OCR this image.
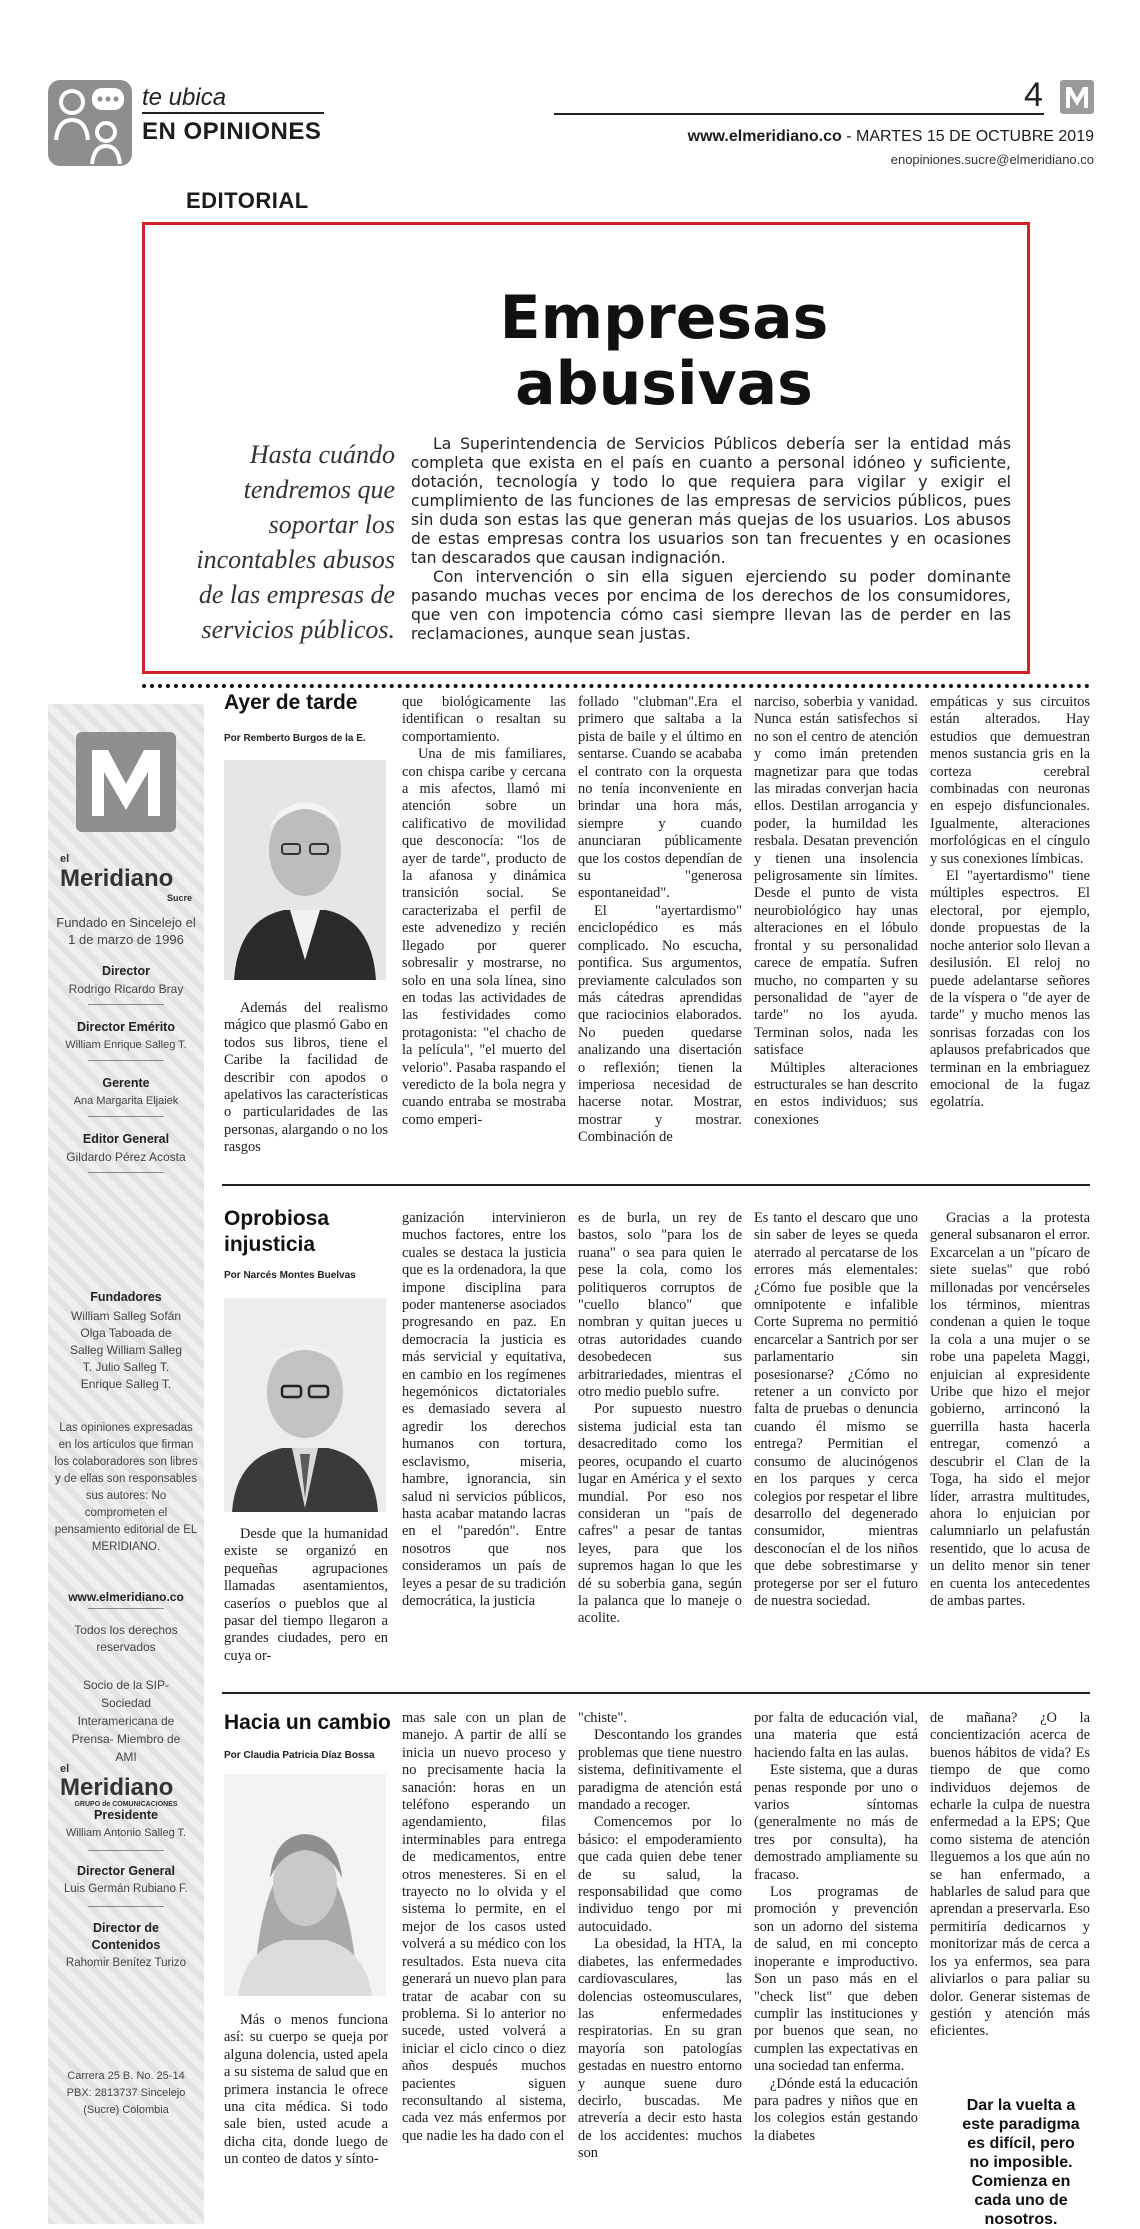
te ubica
EN OPINIONES
4
www.elmeridiano.co - MARTES 15 DE OCTUBRE 2019
enopiniones.sucre@elmeridiano.co
EDITORIAL
Empresas
abusivas
Hasta cuándo tendremos que soportar los incontables abusos de las empresas de servicios públicos.

La Superintendencia de Servicios Públicos debería ser la entidad más completa que exista en el país en cuanto a personal idóneo y suficiente, dotación, tecnología y todo lo que requiera para vigilar y exigir el cumplimiento de las funciones de las empresas de servicios públicos, pues sin duda son estas las que generan más quejas de los usuarios. Los abusos de estas empresas contra los usuarios son tan frecuentes y en ocasiones tan descarados que causan indignación.

Con intervención o sin ella siguen ejerciendo su poder dominante pasando muchas veces por encima de los derechos de los consumidores, que ven con impotencia cómo casi siempre llevan las de perder en las reclamaciones, aunque sean justas.

el
Meridiano
Sucre
Fundado en Sincelejo el 1 de marzo de 1996
Director
Rodrigo Ricardo Bray
Director Emérito
William Enrique Salleg T.
Gerente
Ana Margarita Eljaiek
Editor General
Gildardo Pérez Acosta
Fundadores
William Salleg Sofán Olga Taboada de Salleg William Salleg T. Julio Salleg T. Enrique Salleg T.
Las opiniones expresadas en los artículos que firman los colaboradores son libres y de ellas son responsables sus autores: No comprometen el pensamiento editorial de EL MERIDIANO.
www.elmeridiano.co
Todos los derechos reservados
Socio de la SIP- Sociedad Interamericana de Prensa- Miembro de AMI
el
Meridiano
GRUPO de COMUNICACIONES
Presidente
William Antonio Salleg T.
Director General
Luis Germán Rubiano F.
Director de Contenidos
Rahomir Benítez Turizo
Carrera 25 B. No. 25-14 PBX: 2813737 Sincelejo (Sucre) Colombia
Ayer de tarde
Por Remberto Burgos de la E.

Además del realismo mágico que plasmó Gabo en todos sus libros, tiene el Caribe la facilidad de describir con apodos o apelativos las características o particularidades de las personas, alargando o no los rasgos

que biológicamente las identifican o resaltan su comportamiento.

Una de mis familiares, con chispa caribe y cercana a mis afectos, llamó mi atención sobre un calificativo de movilidad que desconocía: "los de ayer de tarde", producto de la afanosa y dinámica transición social. Se caracterizaba el perfil de este advenedizo y recién llegado por querer sobresalir y mostrarse, no solo en una sola línea, sino en todas las actividades de las festividades como protagonista: "el chacho de la película", "el muerto del velorio". Pasaba raspando el veredicto de la bola negra y cuando entraba se mostraba como emperi-

follado "clubman".Era el primero que saltaba a la pista de baile y el último en sentarse. Cuando se acababa el contrato con la orquesta no tenía inconveniente en brindar una hora más, siempre y cuando anunciaran públicamente que los costos dependían de su "generosa espontaneidad".

El "ayertardismo" enciclopédico es más complicado. No escucha, pontifica. Sus argumentos, previamente calculados son más cátedras aprendidas que raciocinios elaborados. No pueden quedarse analizando una disertación o reflexión; tienen la imperiosa necesidad de hacerse notar. Mostrar, mostrar y mostrar. Combinación de

narciso, soberbia y vanidad. Nunca están satisfechos si no son el centro de atención y como imán pretenden magnetizar para que todas las miradas converjan hacia ellos. Destilan arrogancia y poder, la humildad les resbala. Desatan prevención y tienen una insolencia peligrosamente sin límites. Desde el punto de vista neurobiológico hay unas alteraciones en el lóbulo frontal y su personalidad carece de empatía. Sufren mucho, no comparten y su personalidad de "ayer de tarde" no los ayuda. Terminan solos, nada les satisface

Múltiples alteraciones estructurales se han descrito en estos individuos; sus conexiones

empáticas y sus circuitos están alterados. Hay estudios que demuestran menos sustancia gris en la corteza cerebral combinadas con neuronas en espejo disfuncionales. Igualmente, alteraciones morfológicas en el cíngulo y sus conexiones límbicas.

El "ayertardismo" tiene múltiples espectros. El electoral, por ejemplo, donde propuestas de la noche anterior solo llevan a desilusión. El reloj no puede adelantarse señores de la víspera o "de ayer de tarde" y mucho menos las sonrisas forzadas con los aplausos prefabricados que terminan en la embriaguez emocional de la fugaz egolatría.

Oprobiosa injusticia
Por Narcés Montes Buelvas

Desde que la humanidad existe se organizó en pequeñas agrupaciones llamadas asentamientos, caseríos o pueblos que al pasar del tiempo llegaron a grandes ciudades, pero en cuya or-

ganización intervinieron muchos factores, entre los cuales se destaca la justicia que es la ordenadora, la que impone disciplina para poder mantenerse asociados progresando en paz. En democracia la justicia es más servicial y equitativa, en cambio en los regímenes hegemónicos dictatoriales es demasiado severa al agredir los derechos humanos con tortura, esclavismo, miseria, hambre, ignorancia, sin salud ni servicios públicos, hasta acabar matando lacras en el "paredón". Entre nosotros que nos consideramos un país de leyes a pesar de su tradición democrática, la justicia

es de burla, un rey de bastos, solo "para los de ruana" o sea para quien le pese la cola, como los politiqueros corruptos de "cuello blanco" que nombran y quitan jueces u otras autoridades cuando desobedecen sus arbitrariedades, mientras el otro medio pueblo sufre.

Por supuesto nuestro sistema judicial esta tan desacreditado como los peores, ocupando el cuarto lugar en América y el sexto mundial. Por eso nos consideran un "país de cafres" a pesar de tantas leyes, para que los supremos hagan lo que les dé su soberbia gana, según la palanca que lo maneje o acolite.

Es tanto el descaro que uno sin saber de leyes se queda aterrado al percatarse de los errores más elementales: ¿Cómo fue posible que la omnipotente e infalible Corte Suprema no permitió encarcelar a Santrich por ser parlamentario sin posesionarse? ¿Cómo no retener a un convicto por falta de pruebas o denuncia cuando él mismo se entrega? Permitian el consumo de alucinógenos en los parques y cerca colegios por respetar el libre desarrollo del degenerado consumidor, mientras desconocían el de los niños que debe sobrestimarse y protegerse por ser el futuro de nuestra sociedad.

Gracias a la protesta general subsanaron el error. Excarcelan a un "pícaro de siete suelas" que robó millonadas por vencérseles los términos, mientras condenan a quien le toque la cola a una mujer o se robe una papeleta Maggi, enjuician al expresidente Uribe que hizo el mejor gobierno, arrinconó la guerrilla hasta hacerla entregar, comenzó a descubrir el Clan de la Toga, ha sido el mejor líder, arrastra multitudes, ahora lo enjuician por calumniarlo un pelafustán resentido, que lo acusa de un delito menor sin tener en cuenta los antecedentes de ambas partes.

Hacia un cambio
Por Claudia Patricia Díaz Bossa

Más o menos funciona así: su cuerpo se queja por alguna dolencia, usted apela a su sistema de salud que en primera instancia le ofrece una cita médica. Si todo sale bien, usted acude a dicha cita, donde luego de un conteo de datos y sínto-

mas sale con un plan de manejo. A partir de allí se inicia un nuevo proceso y no precisamente hacia la sanación: horas en un teléfono esperando un agendamiento, filas interminables para entrega de medicamentos, entre otros menesteres. Si en el trayecto no lo olvida y el sistema lo permite, en el mejor de los casos usted volverá a su médico con los resultados. Esta nueva cita generará un nuevo plan para tratar de acabar con su problema. Si lo anterior no sucede, usted volverá a iniciar el ciclo cinco o diez años después muchos pacientes siguen reconsultando al sistema, cada vez más enfermos por que nadie les ha dado con el

"chiste".

Descontando los grandes problemas que tiene nuestro sistema, definitivamente el paradigma de atención está mandado a recoger.

Comencemos por lo básico: el empoderamiento que cada quien debe tener de su salud, la responsabilidad que como individuo tengo por mi autocuidado.

La obesidad, la HTA, la diabetes, las enfermedades cardiovasculares, las dolencias osteomusculares, las enfermedades respiratorias. En su gran mayoría son patologías gestadas en nuestro entorno y aunque suene duro decirlo, buscadas. Me atrevería a decir esto hasta de los accidentes: muchos son

por falta de educación vial, una materia que está haciendo falta en las aulas.

Este sistema, que a duras penas responde por uno o varios síntomas (generalmente no más de tres por consulta), ha demostrado ampliamente su fracaso.

Los programas de promoción y prevención son un adorno del sistema de salud, en mi concepto inoperante e improductivo. Son un paso más en el "check list" que deben cumplir las instituciones y por buenos que sean, no cumplen las expectativas en una sociedad tan enferma.

¿Dónde está la educación para padres y niños que en los colegios están gestando la diabetes

de mañana? ¿O la concientización acerca de buenos hábitos de vida? Es tiempo de que como individuos dejemos de echarle la culpa de nuestra enfermedad a la EPS; Que como sistema de atención lleguemos a los que aún no se han enfermado, a hablarles de salud para que aprendan a preservarla. Eso permitiría dedicarnos y monitorizar más de cerca a los ya enfermos, sea para aliviarlos o para paliar su dolor. Generar sistemas de gestión y atención más eficientes.

Dar la vuelta a este paradigma es difícil, pero no imposible. Comienza en cada uno de nosotros.
